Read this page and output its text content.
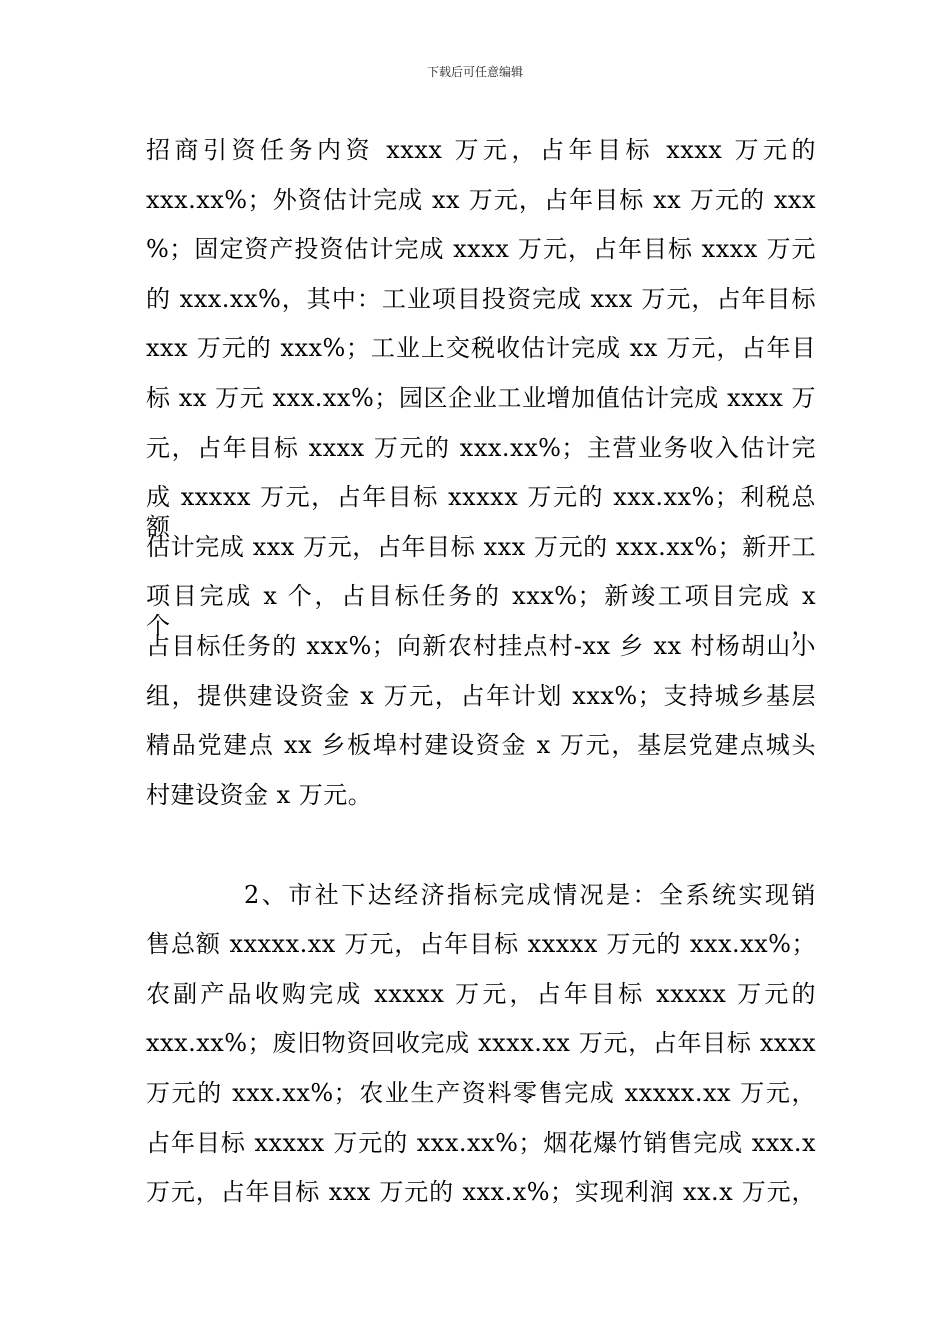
下载后可任意编辑
招商引资任务内资 xxxx 万元，占年目标 xxxx 万元的
xxx.xx%；外资估计完成 xx 万元，占年目标 xx 万元的 xxx
%；固定资产投资估计完成 xxxx 万元，占年目标 xxxx 万元
的 xxx.xx%，其中：工业项目投资完成 xxx 万元，占年目标
xxx 万元的 xxx%；工业上交税收估计完成 xx 万元，占年目
标 xx 万元 xxx.xx%；园区企业工业增加值估计完成 xxxx 万
元，占年目标 xxxx 万元的 xxx.xx%；主营业务收入估计完
成 xxxxx 万元，占年目标 xxxxx 万元的 xxx.xx%；利税总额
估计完成 xxx 万元，占年目标 xxx 万元的 xxx.xx%；新开工
项目完成 x 个，占目标任务的 xxx%；新竣工项目完成 x 个，
占目标任务的 xxx%；向新农村挂点村-xx 乡 xx 村杨胡山小
组，提供建设资金 x 万元，占年计划 xxx%；支持城乡基层
精品党建点 xx 乡板埠村建设资金 x 万元，基层党建点城头
村建设资金 x 万元。
2、市社下达经济指标完成情况是：全系统实现销
售总额 xxxxx.xx 万元，占年目标 xxxxx 万元的 xxx.xx%；
农副产品收购完成 xxxxx 万元，占年目标 xxxxx 万元的
xxx.xx%；废旧物资回收完成 xxxx.xx 万元，占年目标 xxxx
万元的 xxx.xx%；农业生产资料零售完成 xxxxx.xx 万元，
占年目标 xxxxx 万元的 xxx.xx%；烟花爆竹销售完成 xxx.x
万元，占年目标 xxx 万元的 xxx.x%；实现利润 xx.x 万元，
